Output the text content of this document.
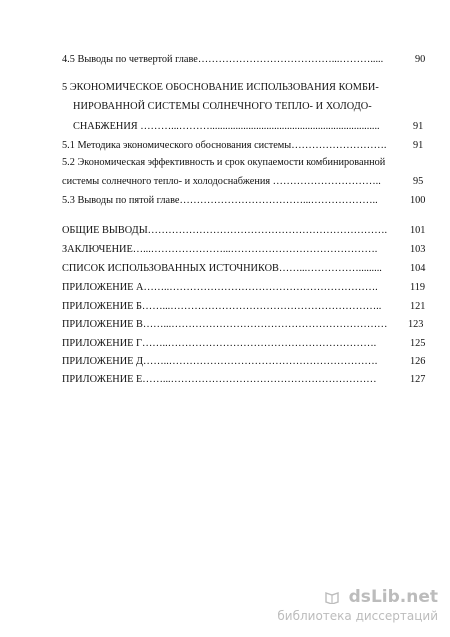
4.5 Выводы по четвертой главе…………………………………...……….....	90
5 ЭКОНОМИЧЕСКОЕ ОБОСНОВАНИЕ ИСПОЛЬЗОВАНИЯ КОМБИ-
НИРОВАННОЙ СИСТЕМЫ СОЛНЕЧНОГО ТЕПЛО- И ХОЛОДО-
СНАБЖЕНИЯ ………...………..................................................................	91
5.1 Методика экономического обоснования системы……………………….	91
5.2 Экономическая эффективность и срок окупаемости комбинированной
системы солнечного тепло- и холодоснабжения …………………………..	95
5.3 Выводы по пятой главе………………………………...………………..	100
ОБЩИЕ ВЫВОДЫ…………………………………………………………….	101
ЗАКЛЮЧЕНИЕ…...…………………...…………………………………….	103
СПИСОК ИСПОЛЬЗОВАННЫХ ИСТОЧНИКОВ……...…………….........	104
ПРИЛОЖЕНИЕ А……..…………………………………………………….	119
ПРИЛОЖЕНИЕ Б……...……………………………………………………..	121
ПРИЛОЖЕНИЕ В……...………………………………………………………	123
ПРИЛОЖЕНИЕ Г……..…………………………………………………….	125
ПРИЛОЖЕНИЕ Д……..…………………………………………………….	126
ПРИЛОЖЕНИЕ Е……...……………………………………………………	127
dsLib.net
библиотека диссертаций
